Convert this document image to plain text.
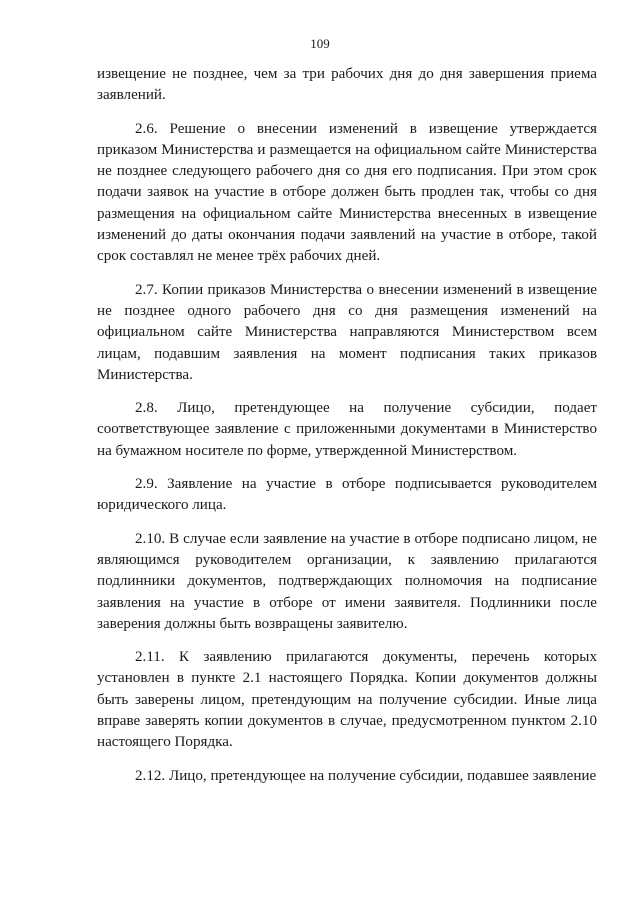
109

извещение не позднее, чем за три рабочих дня до дня завершения приема заявлений.

2.6. Решение о внесении изменений в извещение утверждается приказом Министерства и размещается на официальном сайте Министерства не позднее следующего рабочего дня со дня его подписания. При этом срок подачи заявок на участие в отборе должен быть продлен так, чтобы со дня размещения на официальном сайте Министерства внесенных в извещение изменений до даты окончания подачи заявлений на участие в отборе, такой срок составлял не менее трёх рабочих дней.

2.7. Копии приказов Министерства о внесении изменений в извещение не позднее одного рабочего дня со дня размещения изменений на официальном сайте Министерства направляются Министерством всем лицам, подавшим заявления на момент подписания таких приказов Министерства.

2.8. Лицо, претендующее на получение субсидии, подает соответствующее заявление с приложенными документами в Министерство на бумажном носителе по форме, утвержденной Министерством.

2.9. Заявление на участие в отборе подписывается руководителем юридического лица.

2.10. В случае если заявление на участие в отборе подписано лицом, не являющимся руководителем организации, к заявлению прилагаются подлинники документов, подтверждающих полномочия на подписание заявления на участие в отборе от имени заявителя. Подлинники после заверения должны быть возвращены заявителю.

2.11. К заявлению прилагаются документы, перечень которых установлен в пункте 2.1 настоящего Порядка. Копии документов должны быть заверены лицом, претендующим на получение субсидии. Иные лица вправе заверять копии документов в случае, предусмотренном пунктом 2.10 настоящего Порядка.

2.12. Лицо, претендующее на получение субсидии, подавшее заявление
